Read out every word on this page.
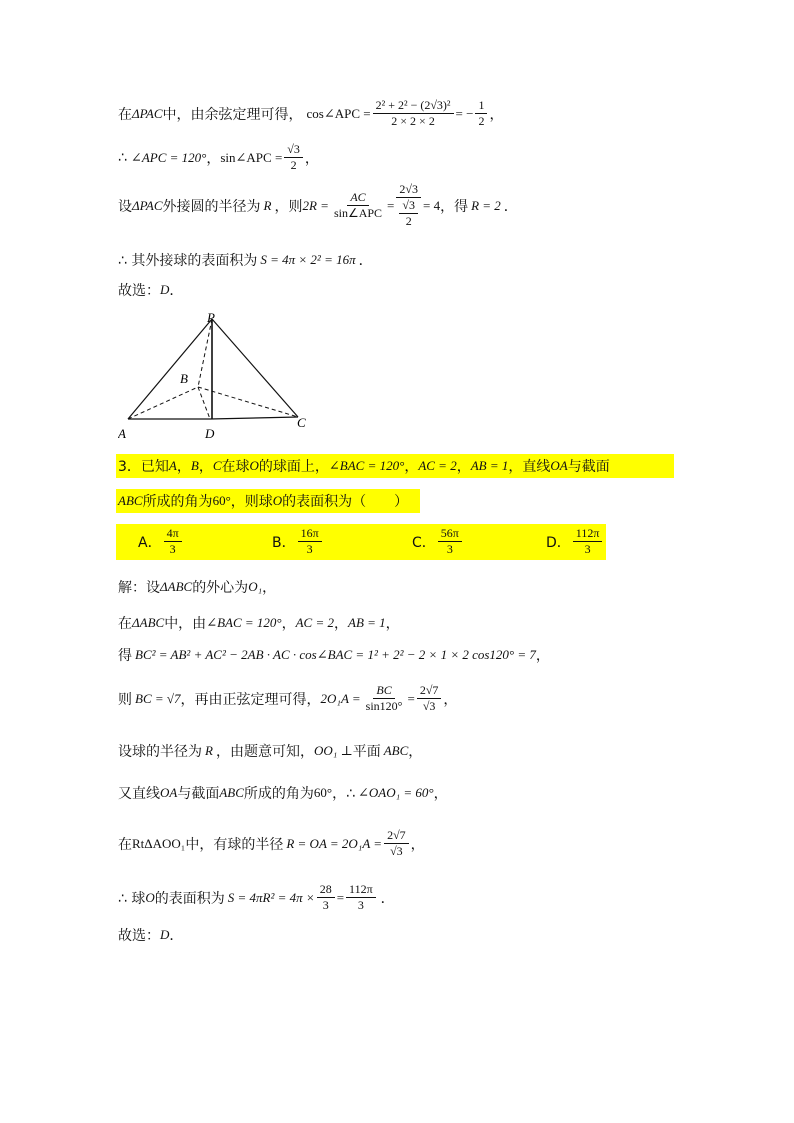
在 ΔPAC 中，由余弦定理可得， cos∠APC = $\frac{\text{2² + 2² − (2√3)²}}{2 \times 2 \times 2}$ = − $\frac{1}{2}$ ，
∴ ∠APC = 120° ， sin∠APC = $\frac{√3}{2}$ ，
设 ΔPAC 外接圆的半径为 R ，则 $2R = \frac{AC}{\text{sin∠APC}} = \frac{2√3}{\frac{√3}{2}} = 4$ ，得 R = 2 ．
∴ 其外接球的表面积为 S = 4π × 2² = 16π ．
故选： D ．
P
A
B
C
D
3．已知 A ， B ， C 在球 O 的球面上， ∠BAC = 120° ， AC = 2 ， AB = 1 ，直线 OA 与截面
ABC 所成的角为 60° ，则球 O 的表面积为（　　）
A． $\frac{4\pi}{3}$	B． $\frac{16\pi}{3}$	C． $\frac{56\pi}{3}$	D． $\frac{112\pi}{3}$
解：设 ΔABC 的外心为 O₁ ，
在 ΔABC 中，由 ∠BAC = 120° ， AC = 2 ， AB = 1 ，
得 BC² = AB² + AC² − 2AB · AC · cos∠BAC = 1² + 2² − 2 × 1 × 2 cos120° = 7 ，
则 BC = √7 ，再由正弦定理可得， $2O_1A = \frac{BC}{\sin 120^\circ} = \frac{2√7}{√3}$ ，
设球的半径为 R ，由题意可知， OO₁ ⊥ 平面 ABC ，
又直线 OA 与截面 ABC 所成的角为 60° ，∴ ∠OAO₁ = 60° ，
在 RtΔAOO₁ 中，有球的半径 R = OA = $2O_1A = \frac{2√7}{√3}$ ，
∴ 球 O 的表面积为 $S = 4\pi R^2 = 4\pi \times \frac{28}{3} = \frac{112\pi}{3}$ ．
故选： D ．
